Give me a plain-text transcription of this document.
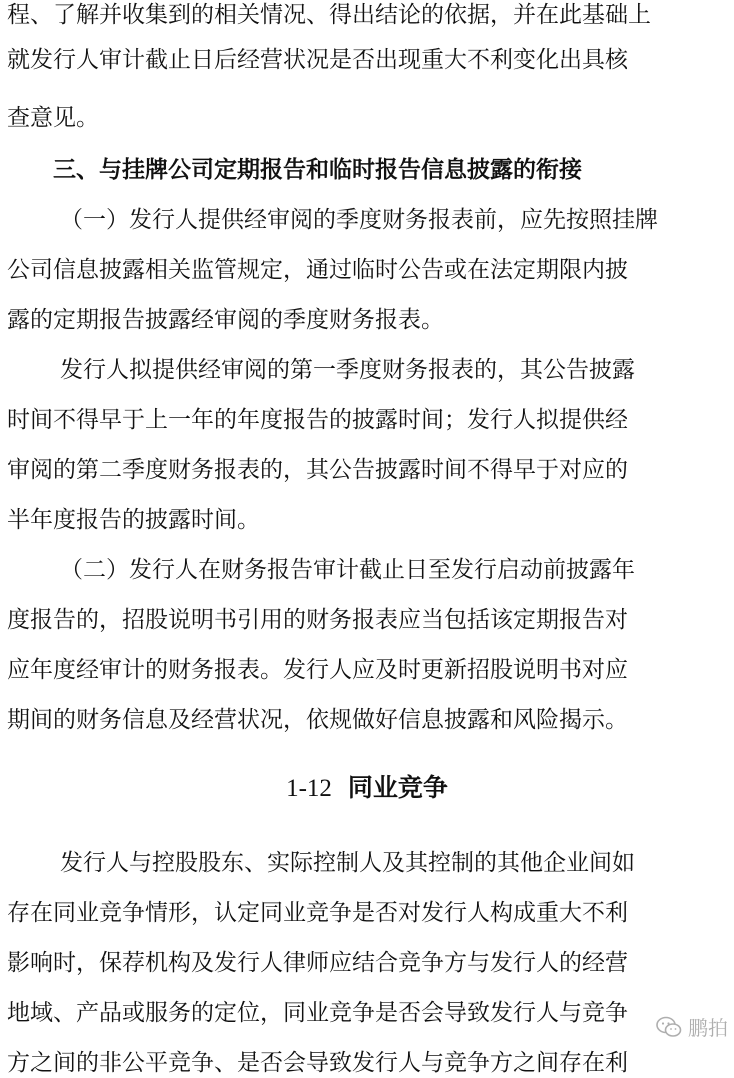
程、了解并收集到的相关情况、得出结论的依据，并在此基础上
就发行人审计截止日后经营状况是否出现重大不利变化出具核
查意见。
三、与挂牌公司定期报告和临时报告信息披露的衔接
（一）发行人提供经审阅的季度财务报表前，应先按照挂牌
公司信息披露相关监管规定，通过临时公告或在法定期限内披
露的定期报告披露经审阅的季度财务报表。
发行人拟提供经审阅的第一季度财务报表的，其公告披露
时间不得早于上一年的年度报告的披露时间；发行人拟提供经
审阅的第二季度财务报表的，其公告披露时间不得早于对应的
半年度报告的披露时间。
（二）发行人在财务报告审计截止日至发行启动前披露年
度报告的，招股说明书引用的财务报表应当包括该定期报告对
应年度经审计的财务报表。发行人应及时更新招股说明书对应
期间的财务信息及经营状况，依规做好信息披露和风险揭示。
1-12 同业竞争
发行人与控股股东、实际控制人及其控制的其他企业间如
存在同业竞争情形，认定同业竞争是否对发行人构成重大不利
影响时，保荐机构及发行人律师应结合竞争方与发行人的经营
地域、产品或服务的定位，同业竞争是否会导致发行人与竞争
方之间的非公平竞争、是否会导致发行人与竞争方之间存在利
鹏拍
